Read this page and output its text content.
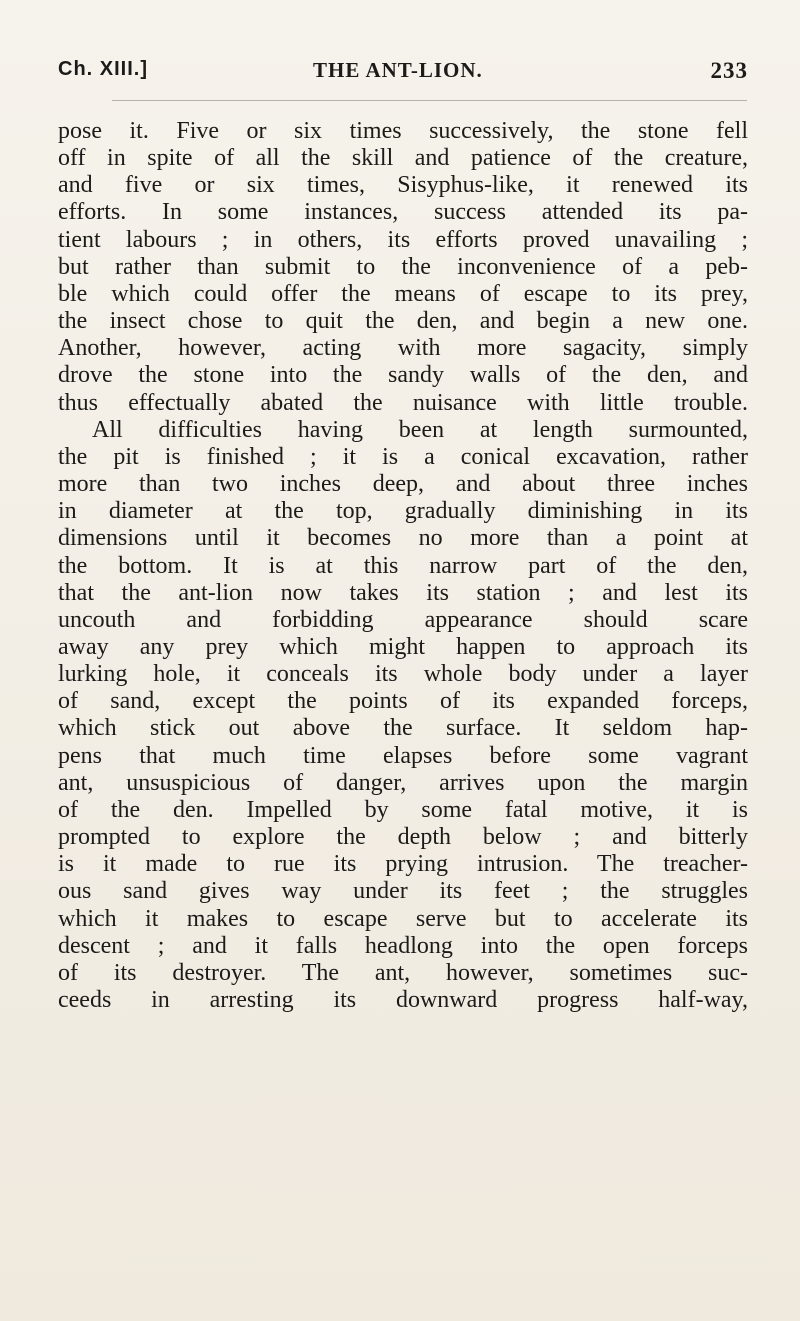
Ch. XIII.]	THE ANT-LION.	233
pose it. Five or six times successively, the stone fell
off in spite of all the skill and patience of the creature,
and five or six times, Sisyphus-like, it renewed its
efforts. In some instances, success attended its pa-
tient labours ; in others, its efforts proved unavailing ;
but rather than submit to the inconvenience of a peb-
ble which could offer the means of escape to its prey,
the insect chose to quit the den, and begin a new one.
Another, however, acting with more sagacity, simply
drove the stone into the sandy walls of the den, and
thus effectually abated the nuisance with little trouble.
All difficulties having been at length surmounted,
the pit is finished ; it is a conical excavation, rather
more than two inches deep, and about three inches
in diameter at the top, gradually diminishing in its
dimensions until it becomes no more than a point at
the bottom. It is at this narrow part of the den,
that the ant-lion now takes its station ; and lest its
uncouth and forbidding appearance should scare
away any prey which might happen to approach its
lurking hole, it conceals its whole body under a layer
of sand, except the points of its expanded forceps,
which stick out above the surface. It seldom hap-
pens that much time elapses before some vagrant
ant, unsuspicious of danger, arrives upon the margin
of the den. Impelled by some fatal motive, it is
prompted to explore the depth below ; and bitterly
is it made to rue its prying intrusion. The treacher-
ous sand gives way under its feet ; the struggles
which it makes to escape serve but to accelerate its
descent ; and it falls headlong into the open forceps
of its destroyer. The ant, however, sometimes suc-
ceeds in arresting its downward progress half-way,
